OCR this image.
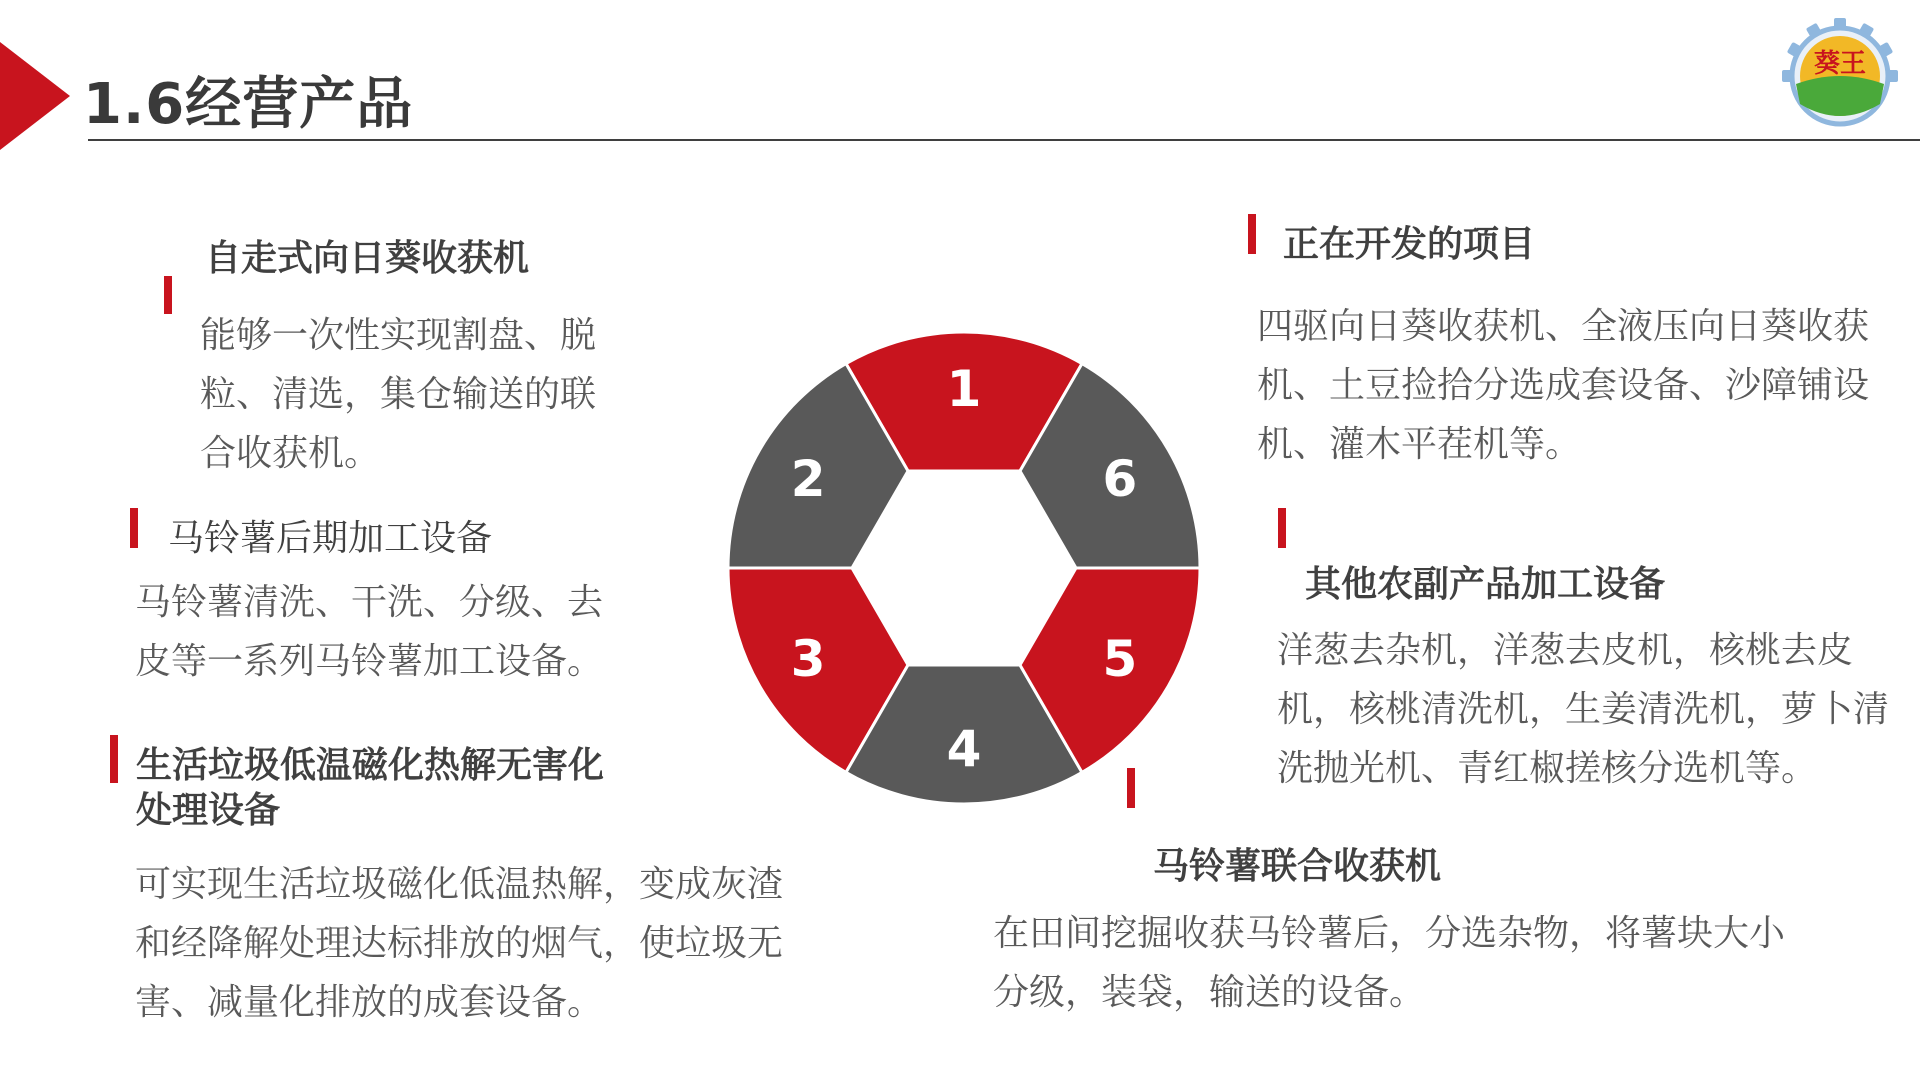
1.6经营产品
葵王
1
2
3
4
5
6
自走式向日葵收获机
能够一次性实现割盘、脱粒、清选，集仓输送的联合收获机。
马铃薯后期加工设备
马铃薯清洗、干洗、分级、去皮等一系列马铃薯加工设备。
生活垃圾低温磁化热解无害化处理设备
可实现生活垃圾磁化低温热解，变成灰渣和经降解处理达标排放的烟气，使垃圾无害、减量化排放的成套设备。
马铃薯联合收获机
在田间挖掘收获马铃薯后，分选杂物，将薯块大小分级，装袋，输送的设备。
其他农副产品加工设备
洋葱去杂机，洋葱去皮机，核桃去皮机，核桃清洗机，生姜清洗机，萝卜清洗抛光机、青红椒搓核分选机等。
正在开发的项目
四驱向日葵收获机、全液压向日葵收获机、土豆捡拾分选成套设备、沙障铺设机、灌木平茬机等。
